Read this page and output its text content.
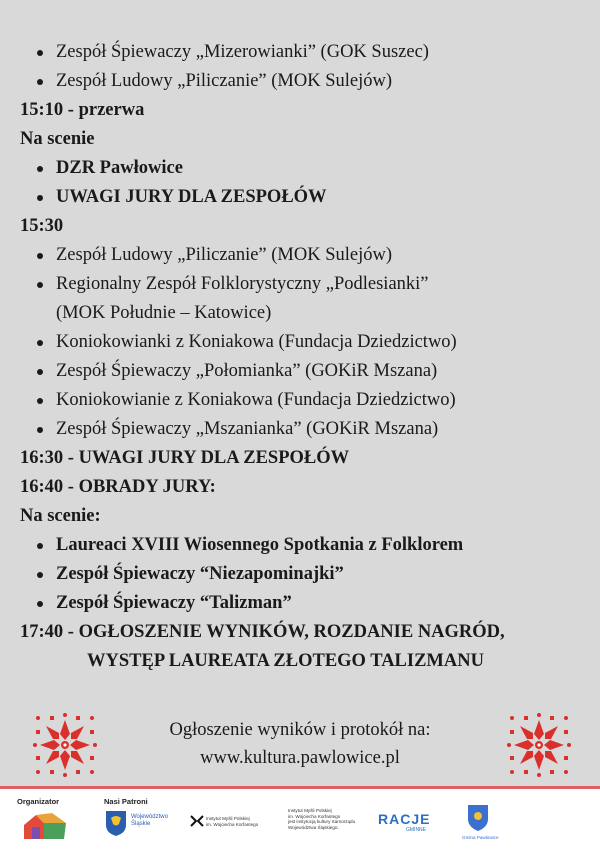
Zespół Śpiewaczy „Mizerowianki” (GOK Suszec)
Zespół Ludowy „Piliczanie” (MOK Sulejów)
15:10 - przerwa
Na scenie
DZR Pawłowice
UWAGI JURY DLA ZESPOŁÓW
15:30
Zespół Ludowy „Piliczanie” (MOK Sulejów)
Regionalny Zespół Folklorystyczny „Podlesianki”
(MOK Południe – Katowice)
Koniokowianki z Koniakowa (Fundacja Dziedzictwo)
Zespół Śpiewaczy „Połomianka” (GOKiR Mszana)
Koniokowianie z Koniakowa (Fundacja Dziedzictwo)
Zespół Śpiewaczy „Mszanianka” (GOKiR Mszana)
16:30 - UWAGI JURY DLA ZESPOŁÓW
16:40 - OBRADY JURY:
Na scenie:
Laureaci XVIII Wiosennego Spotkania z Folklorem
Zespół Śpiewaczy “Niezapominajki”
Zespół Śpiewaczy “Talizman”
17:40 - OGŁOSZENIE WYNIKÓW, ROZDANIE NAGRÓD,
WYSTĘP LAUREATA ZŁOTEGO TALIZMANU
Ogłoszenie wyników i protokół na:
www.kultura.pawlowice.pl
Organizator	Nasi Patroni
Województwo
Śląskie
Instytut Myśli Polskiej
im. Wojciecha Korfantego
Instytut Myśli Polskiej
im. Wojciecha Korfantego
jest instytucją kultury Samorządu
Województwa Śląskiego.
RACJE
GMINNE
Gmina Pawłowice
